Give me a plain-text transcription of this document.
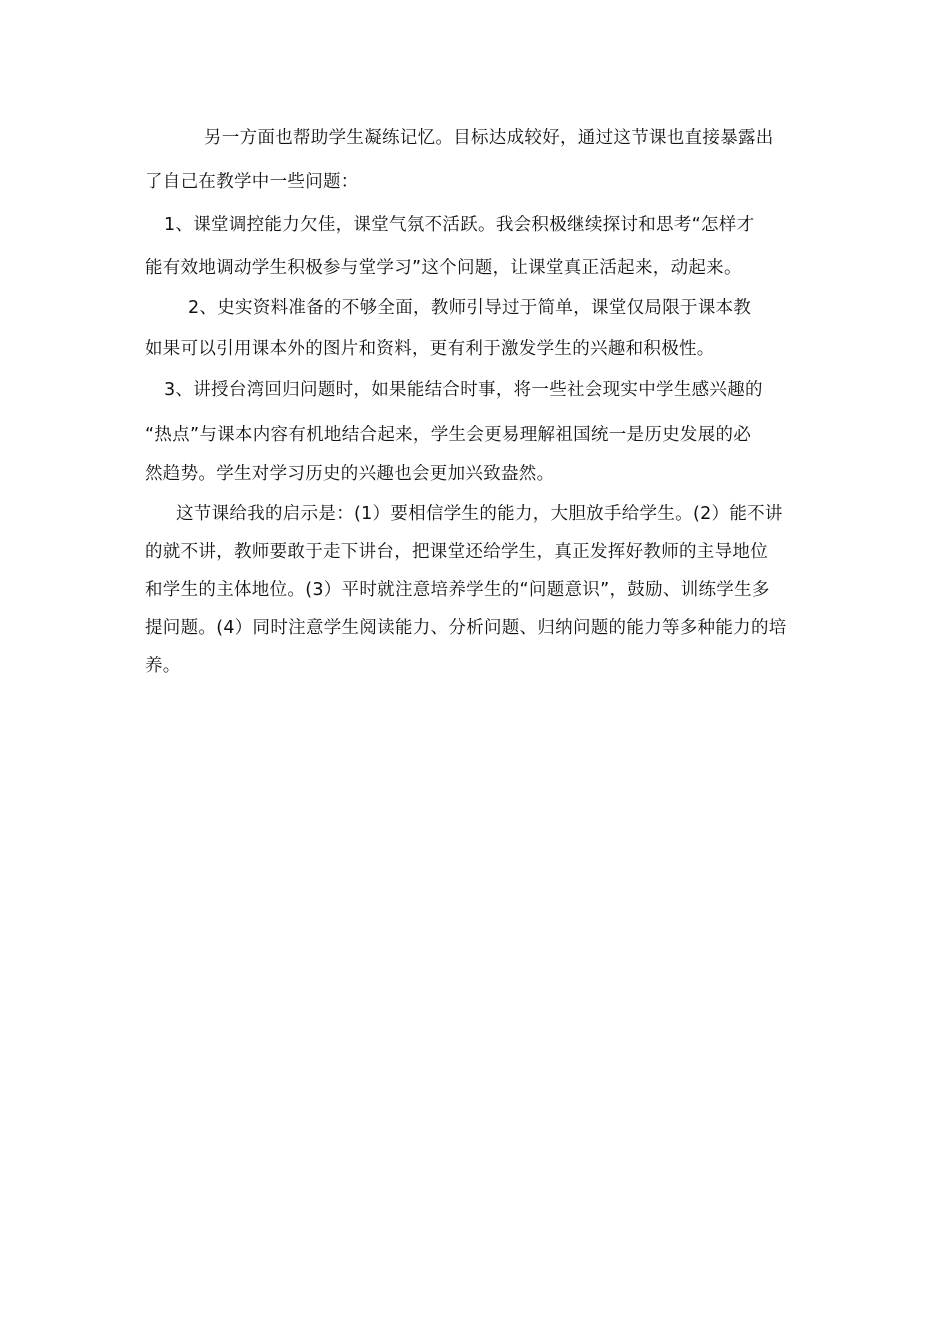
另一方面也帮助学生凝练记忆。目标达成较好，通过这节课也直接暴露出
了自己在教学中一些问题：
1、课堂调控能力欠佳，课堂气氛不活跃。我会积极继续探讨和思考“怎样才
能有效地调动学生积极参与堂学习”这个问题，让课堂真正活起来，动起来。
2、史实资料准备的不够全面，教师引导过于简单，课堂仅局限于课本教
如果可以引用课本外的图片和资料，更有利于激发学生的兴趣和积极性。
3、讲授台湾回归问题时，如果能结合时事，将一些社会现实中学生感兴趣的
“热点”与课本内容有机地结合起来，学生会更易理解祖国统一是历史发展的必
然趋势。学生对学习历史的兴趣也会更加兴致盎然。
这节课给我的启示是：(1）要相信学生的能力，大胆放手给学生。(2）能不讲
的就不讲，教师要敢于走下讲台，把课堂还给学生，真正发挥好教师的主导地位
和学生的主体地位。(3）平时就注意培养学生的“问题意识”，鼓励、训练学生多
提问题。(4）同时注意学生阅读能力、分析问题、归纳问题的能力等多种能力的培
养。
